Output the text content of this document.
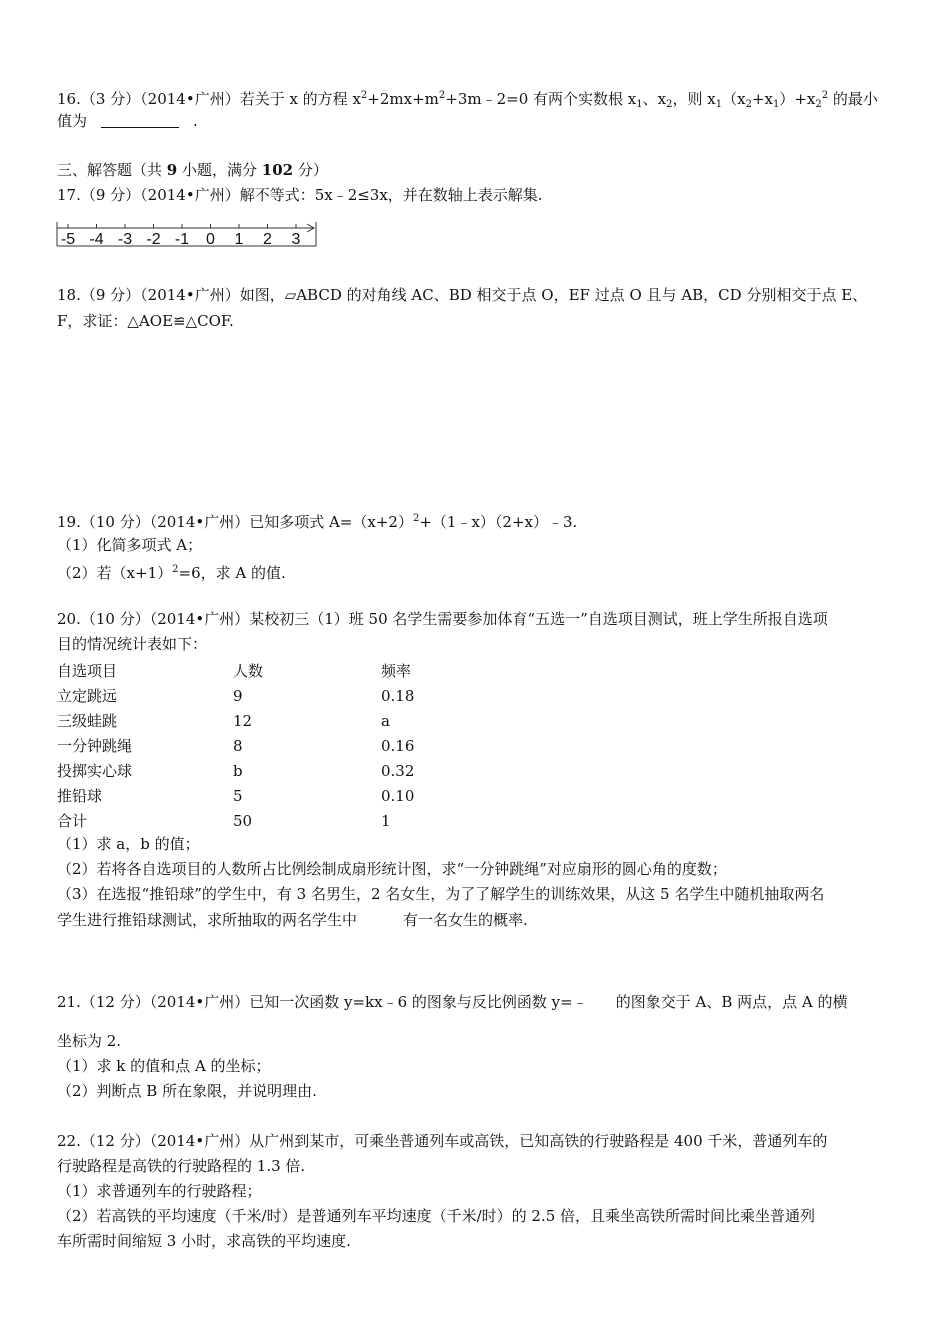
16.（3 分）（2014•广州）若关于 x 的方程 $x^2+2mx+m^2+3m﹣2=0$ 有两个实数根 $x_1$、$x_2$，则 $x_1(x_2+x_1)+x_2^2$ 的最小
值为	.
三、解答题（共 9 小题，满分 102 分）
17.（9 分）（2014•广州）解不等式：5x﹣2≤3x，并在数轴上表示解集.
-5 -4 -3 -2 -1 0 1 2 3
18.（9 分）（2014•广州）如图，▱ABCD 的对角线 AC、BD 相交于点 O，EF 过点 O 且与 AB，CD 分别相交于点 E、
F，求证：△AOE≌△COF.
19.（10 分）（2014•广州）已知多项式 $A=(x+2)^2+(1﹣x)(2+x)﹣3$.
（1）化简多项式 A；
（2）若$(x+1)^2=6$，求 A 的值.
20.（10 分）（2014•广州）某校初三（1）班 50 名学生需要参加体育“五选一”自选项目测试，班上学生所报自选项
目的情况统计表如下：
自选项目	人数	频率
立定跳远	9	0.18
三级蛙跳	12	a
一分钟跳绳	8	0.16
投掷实心球	b	0.32
推铅球	5	0.10
合计	50	1
（1）求 a，b 的值；
（2）若将各自选项目的人数所占比例绘制成扇形统计图，求“一分钟跳绳”对应扇形的圆心角的度数；
（3）在选报“推铅球”的学生中，有 3 名男生，2 名女生，为了了解学生的训练效果，从这 5 名学生中随机抽取两名
学生进行推铅球测试，求所抽取的两名学生中	有一名女生的概率.
21.（12 分）（2014•广州）已知一次函数 y=kx﹣6 的图象与反比例函数 y=﹣ 的图象交于 A、B 两点，点 A 的横
坐标为 2.
（1）求 k 的值和点 A 的坐标；
（2）判断点 B 所在象限，并说明理由.
22.（12 分）（2014•广州）从广州到某市，可乘坐普通列车或高铁，已知高铁的行驶路程是 400 千米，普通列车的
行驶路程是高铁的行驶路程的 1.3 倍.
（1）求普通列车的行驶路程；
（2）若高铁的平均速度（千米/时）是普通列车平均速度（千米/时）的 2.5 倍，且乘坐高铁所需时间比乘坐普通列
车所需时间缩短 3 小时，求高铁的平均速度.
